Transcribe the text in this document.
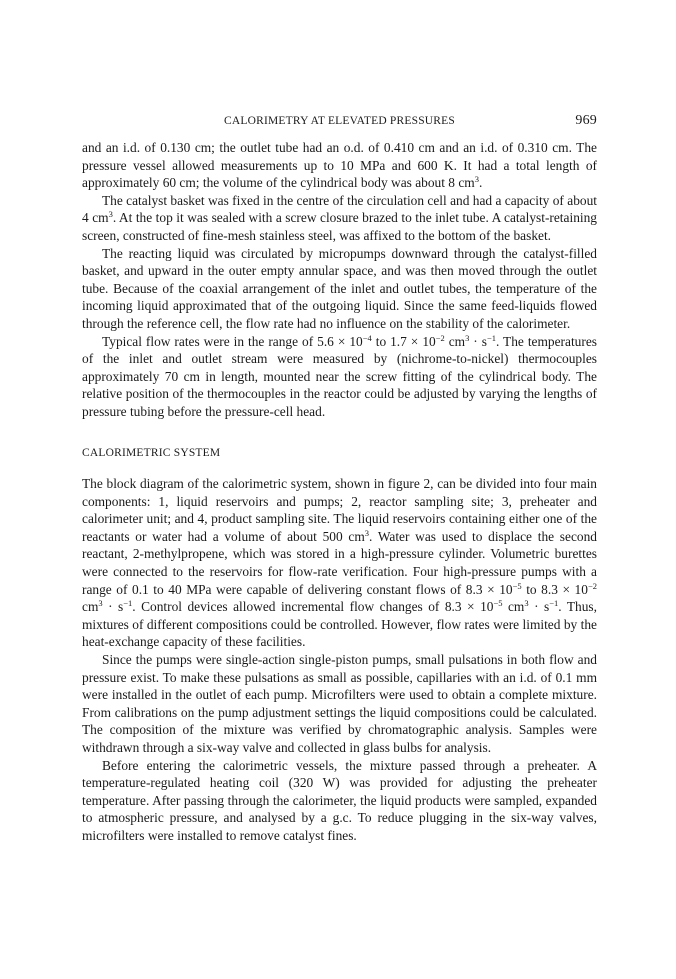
CALORIMETRY AT ELEVATED PRESSURES	969

and an i.d. of 0.130 cm; the outlet tube had an o.d. of 0.410 cm and an i.d. of 0.310 cm. The pressure vessel allowed measurements up to 10 MPa and 600 K. It had a total length of approximately 60 cm; the volume of the cylindrical body was about 8 $cm^3$.

The catalyst basket was fixed in the centre of the circulation cell and had a capacity of about 4 $cm^3$. At the top it was sealed with a screw closure brazed to the inlet tube. A catalyst-retaining screen, constructed of fine-mesh stainless steel, was affixed to the bottom of the basket.

The reacting liquid was circulated by micropumps downward through the catalyst-filled basket, and upward in the outer empty annular space, and was then moved through the outlet tube. Because of the coaxial arrangement of the inlet and outlet tubes, the temperature of the incoming liquid approximated that of the outgoing liquid. Since the same feed-liquids flowed through the reference cell, the flow rate had no influence on the stability of the calorimeter.

Typical flow rates were in the range of $5.6 \times 10^{-4}$ to $1.7 \times 10^{-2}$ $cm^3 \cdot s^{-1}$. The temperatures of the inlet and outlet stream were measured by (nichrome-to-nickel) thermocouples approximately 70 cm in length, mounted near the screw fitting of the cylindrical body. The relative position of the thermocouples in the reactor could be adjusted by varying the lengths of pressure tubing before the pressure-cell head.

CALORIMETRIC SYSTEM

The block diagram of the calorimetric system, shown in figure 2, can be divided into four main components: 1, liquid reservoirs and pumps; 2, reactor sampling site; 3, preheater and calorimeter unit; and 4, product sampling site. The liquid reservoirs containing either one of the reactants or water had a volume of about 500 $cm^3$. Water was used to displace the second reactant, 2-methylpropene, which was stored in a high-pressure cylinder. Volumetric burettes were connected to the reservoirs for flow-rate verification. Four high-pressure pumps with a range of 0.1 to 40 MPa were capable of delivering constant flows of $8.3 \times 10^{-5}$ to $8.3 \times 10^{-2}$ $cm^3 \cdot s^{-1}$. Control devices allowed incremental flow changes of $8.3 \times 10^{-5}$ $cm^3 \cdot s^{-1}$. Thus, mixtures of different compositions could be controlled. However, flow rates were limited by the heat-exchange capacity of these facilities.

Since the pumps were single-action single-piston pumps, small pulsations in both flow and pressure exist. To make these pulsations as small as possible, capillaries with an i.d. of 0.1 mm were installed in the outlet of each pump. Microfilters were used to obtain a complete mixture. From calibrations on the pump adjustment settings the liquid compositions could be calculated. The composition of the mixture was verified by chromatographic analysis. Samples were withdrawn through a six-way valve and collected in glass bulbs for analysis.

Before entering the calorimetric vessels, the mixture passed through a preheater. A temperature-regulated heating coil (320 W) was provided for adjusting the preheater temperature. After passing through the calorimeter, the liquid products were sampled, expanded to atmospheric pressure, and analysed by a g.c. To reduce plugging in the six-way valves, microfilters were installed to remove catalyst fines.
